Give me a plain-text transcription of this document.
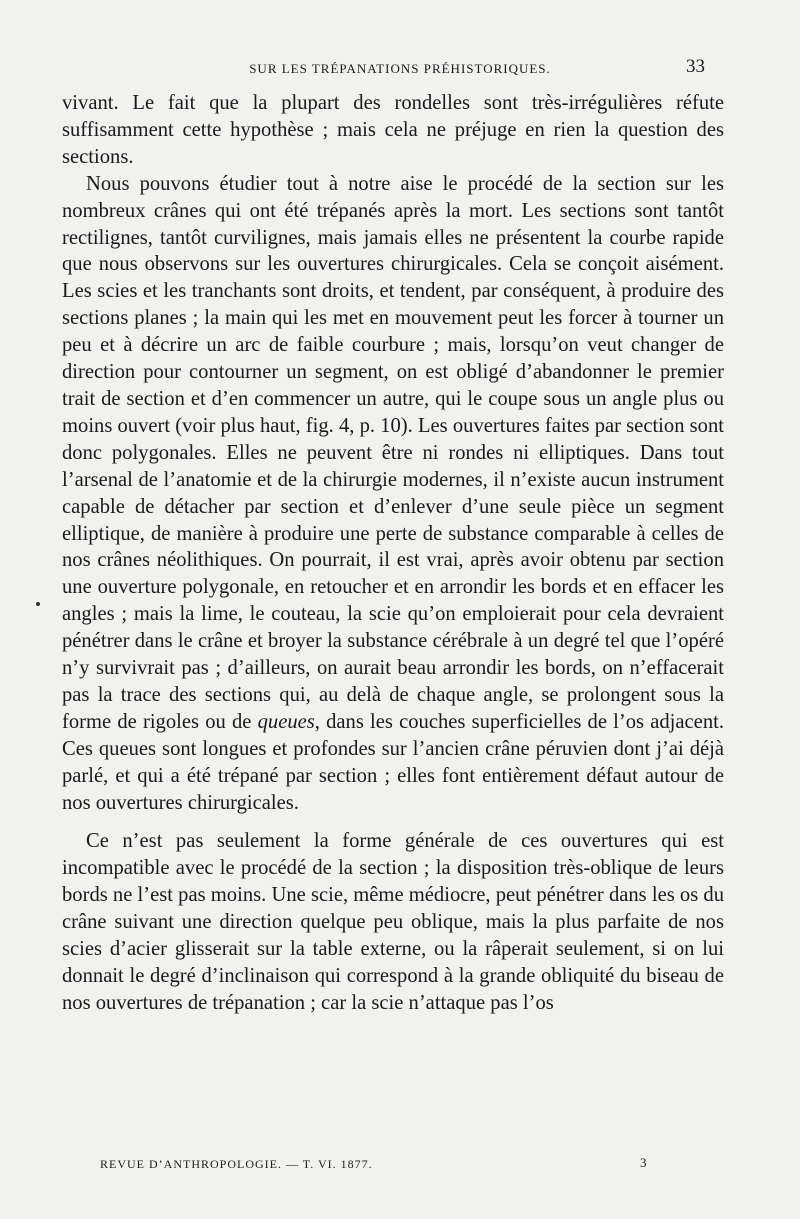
SUR LES TRÉPANATIONS PRÉHISTORIQUES.	33

vivant. Le fait que la plupart des rondelles sont très-irrégulières réfute suffisamment cette hypothèse ; mais cela ne préjuge en rien la question des sections.

Nous pouvons étudier tout à notre aise le procédé de la section sur les nombreux crânes qui ont été trépanés après la mort. Les sections sont tantôt rectilignes, tantôt curvilignes, mais jamais elles ne présentent la courbe rapide que nous observons sur les ouvertures chirurgicales. Cela se conçoit aisément. Les scies et les tranchants sont droits, et tendent, par conséquent, à produire des sections planes ; la main qui les met en mouvement peut les forcer à tourner un peu et à décrire un arc de faible courbure ; mais, lorsqu’on veut changer de direction pour contourner un segment, on est obligé d’abandonner le premier trait de section et d’en commencer un autre, qui le coupe sous un angle plus ou moins ouvert (voir plus haut, fig. 4, p. 10). Les ouvertures faites par section sont donc polygonales. Elles ne peuvent être ni rondes ni elliptiques. Dans tout l’arsenal de l’anatomie et de la chirurgie modernes, il n’existe aucun instrument capable de détacher par section et d’enlever d’une seule pièce un segment elliptique, de manière à produire une perte de substance comparable à celles de nos crânes néolithiques. On pourrait, il est vrai, après avoir obtenu par section une ouverture polygonale, en retoucher et en arrondir les bords et en effacer les angles ; mais la lime, le couteau, la scie qu’on emploierait pour cela devraient pénétrer dans le crâne et broyer la substance cérébrale à un degré tel que l’opéré n’y survivrait pas ; d’ailleurs, on aurait beau arrondir les bords, on n’effacerait pas la trace des sections qui, au delà de chaque angle, se prolongent sous la forme de rigoles ou de queues, dans les couches superficielles de l’os adjacent. Ces queues sont longues et profondes sur l’ancien crâne péruvien dont j’ai déjà parlé, et qui a été trépané par section ; elles font entièrement défaut autour de nos ouvertures chirurgicales.

Ce n’est pas seulement la forme générale de ces ouvertures qui est incompatible avec le procédé de la section ; la disposition très-oblique de leurs bords ne l’est pas moins. Une scie, même médiocre, peut pénétrer dans les os du crâne suivant une direction quelque peu oblique, mais la plus parfaite de nos scies d’acier glisserait sur la table externe, ou la râperait seulement, si on lui donnait le degré d’inclinaison qui correspond à la grande obliquité du biseau de nos ouvertures de trépanation ; car la scie n’attaque pas l’os

REVUE D’ANTHROPOLOGIE. — T. VI. 1877.	3
